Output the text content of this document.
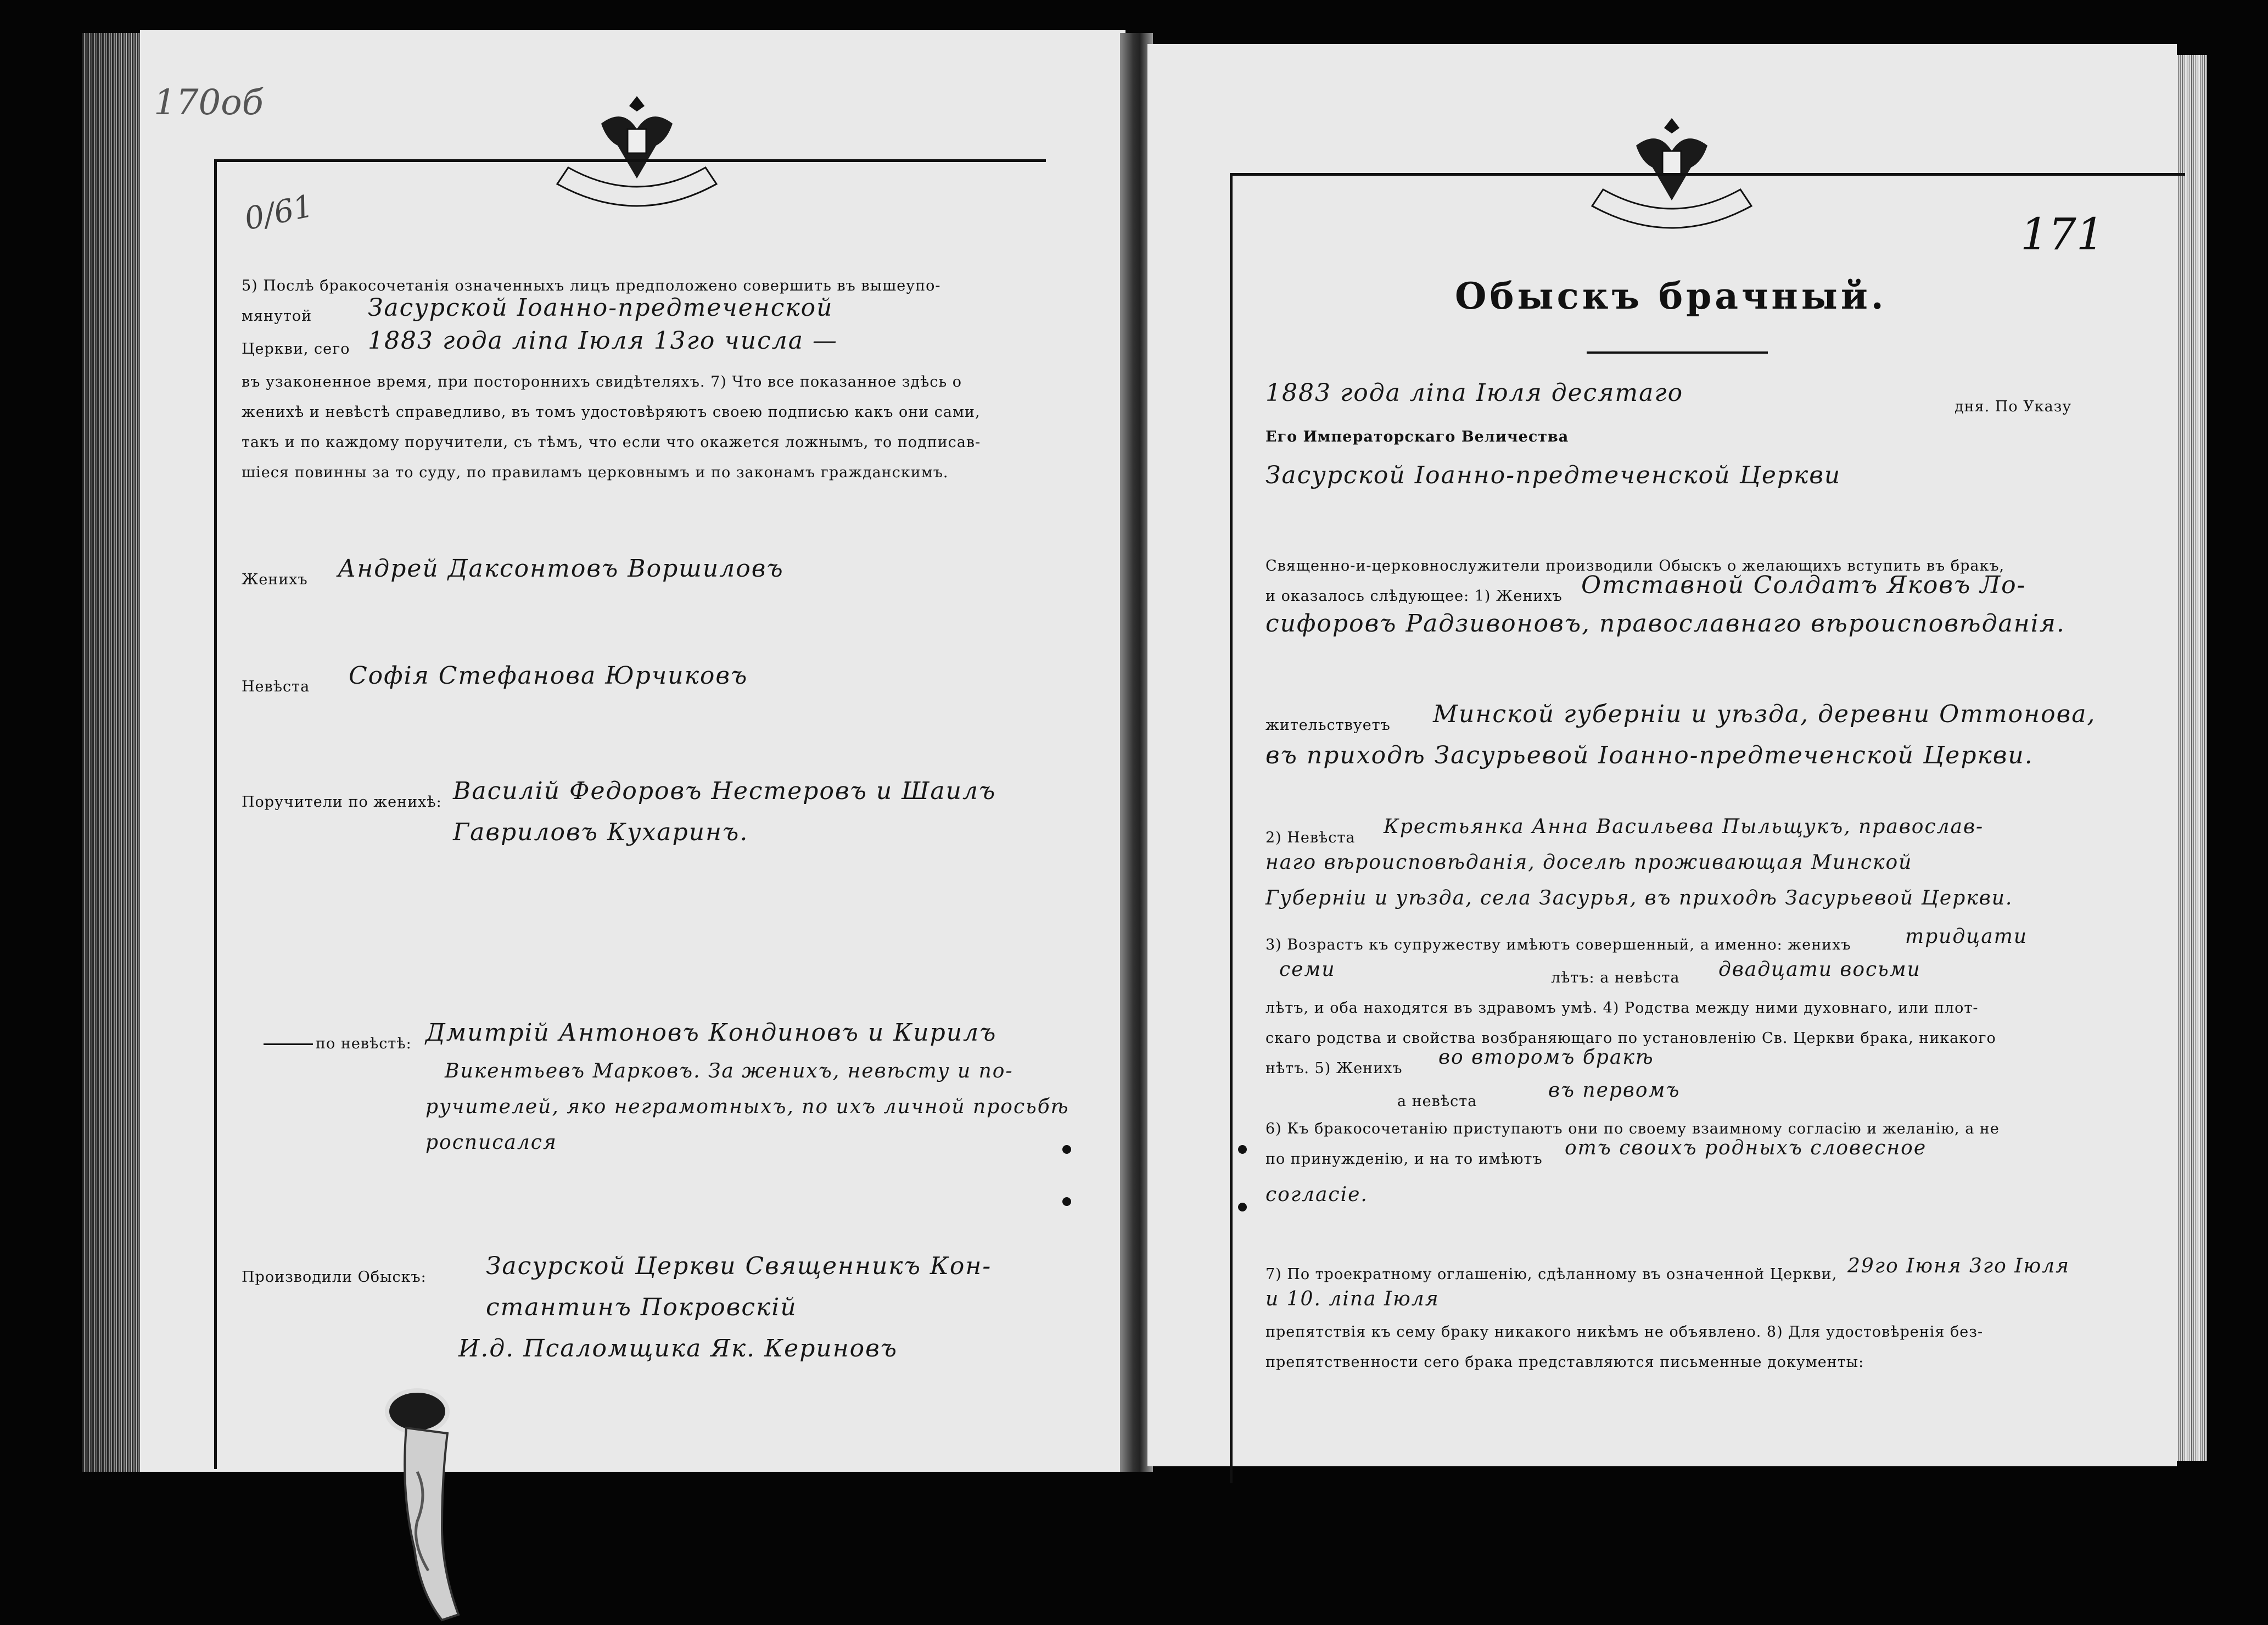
170об
0/61
5) Послѣ бракосочетанія означенныхъ лицъ предположено совершить въ вышеупо-
мянутой Засурской Іоанно-предтеченской
Церкви, сего 1883 года ліпа Іюля 13го числа —
въ узаконенное время, при постороннихъ свидѣтеляхъ. 7) Что все показанное здѣсь о
женихѣ и невѣстѣ справедливо, въ томъ удостовѣряютъ своею подписью какъ они сами,
такъ и по каждому поручители, съ тѣмъ, что если что окажется ложнымъ, то подписав-
шiеся повинны за то суду, по правиламъ церковнымъ и по законамъ гражданскимъ.
Женихъ Андрей Даксонтовъ Воршиловъ
Невѣста Софія Стефанова Юрчиковъ
Поручители по женихѣ: Василій Федоровъ Нестеровъ и Шаилъ
Гавриловъ Кухаринъ.
по невѣстѣ: Дмитрій Антоновъ Кондиновъ и Кирилъ
Викентьевъ Марковъ. За женихъ, невѣсту и по-
ручителей, яко неграмотныхъ, по ихъ личной просьбѣ
росписался
Производили Обыскъ: Засурской Церкви Священникъ Кон-
стантинъ Покровскій
И.д. Псаломщика Як. Кериновъ
171
Обыскъ брачный.
1883 года ліпа Іюля десятаго	дня. По Указу
Его Императорскаго Величества
Засурской Іоанно-предтеченской Церкви
Священно-и-церковнослужители производили Обыскъ о желающихъ вступить въ бракъ,
и оказалось слѣдующее: 1) Женихъ Отставной Солдатъ Яковъ Ло-
сифоровъ Радзивоновъ, православнаго вѣроисповѣданія.
жительствуетъ Минской губерніи и уѣзда, деревни Оттонова,
въ приходѣ Засурьевой Іоанно-предтеченской Церкви.
2) Невѣста Крестьянка Анна Васильева Пыльщукъ, православ-
наго вѣроисповѣданія, доселѣ проживающая Минской
Губерніи и уѣзда, села Засурья, въ приходѣ Засурьевой Церкви.
3) Возрастъ къ супружеству имѣютъ совершенный, а именно: женихъ	тридцати
семи	лѣтъ: а невѣста двадцати восьми
лѣтъ, и оба находятся въ здравомъ умѣ. 4) Родства между ними духовнаго, или плот-
скаго родства и свойства возбраняющаго по установленію Св. Церкви брака, никакого
нѣтъ. 5) Женихъ во второмъ бракѣ
а невѣста	въ первомъ
6) Къ бракосочетанію приступаютъ они по своему взаимному согласію и желанію, а не
по принужденію, и на то имѣютъ отъ своихъ родныхъ словесное
согласіе.
7) По троекратному оглашенію, сдѣланному въ означенной Церкви, 29го Іюня 3го Іюля
и 10. ліпа Іюля
препятствія къ сему браку никакого никѣмъ не объявлено. 8) Для удостовѣренія без-
препятственности сего брака представляются письменные документы:
